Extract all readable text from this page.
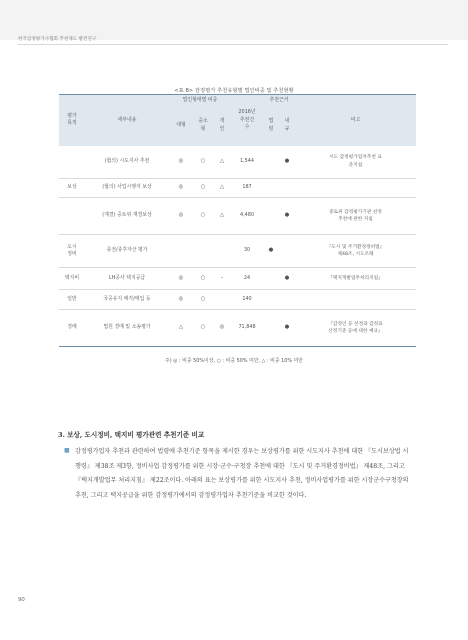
한국감정평가사협회 추천제도 발전연구
<표 8> 감정평가 추천유형별 법인비중 및 추천현황
평가
목적	세부내용	법인형태별 비중			2016년
추천건
수	추천근거		비고
		대형	중소
형	개
인		법
령	내
규	

	(협의) 시도지사 추천	◎	○	△	1,544		●	시도 감정평가업자추천 표
준지침
보상	(협의) 사업시행자 보상	◎	○	△	187			
	(재결) 중토위 재결보상	◎	○	△	4,480		●	중토위 감정평가기관 선정
추천에 관한 지침
도시
정비	종전/종후자산 평가				30	●		『도시 및 주거환경정비법』
제48조, 시도조례
택지비	LH공사 택지공급	◎	○	–	24		●	『택지개발업무처리지침』
일반	국공유지 매각/매입 등	◎	○		140			
경매	법원 경매 및 소송평가	△	○	◎	71,848		●	『감정인 등 선정과 감정료
산정기준 등에 대한 예규』
주) ◎ : 비중 50%이상, ○ : 비중 50% 미만, △ : 비중 10% 미만
3. 보상, 도시정비, 택지비 평가관련 추천기준 비교
■ 감정평가업자 추천과 관련하여 법령에 추천기준 항목을 제시한 경우는 보상평가를 위한 시도지사 추천에 대한 『도시보상법 시행령』 제38조 제3항, 정비사업 감정평가를 위한 시장·군수·구청장 추천에 대한 『도시 및 주거환경정비법』 제48조, 그리고 『택지개발업무 처리지침』 제22조이다. 아래의 표는 보상평가를 위한 시도지사 추천, 정비사업평가를 위한 시장군수구청장의 추천, 그리고 택지공급을 위한 감정평가에서의 감정평가업자 추천기준을 비교한 것이다.

90
